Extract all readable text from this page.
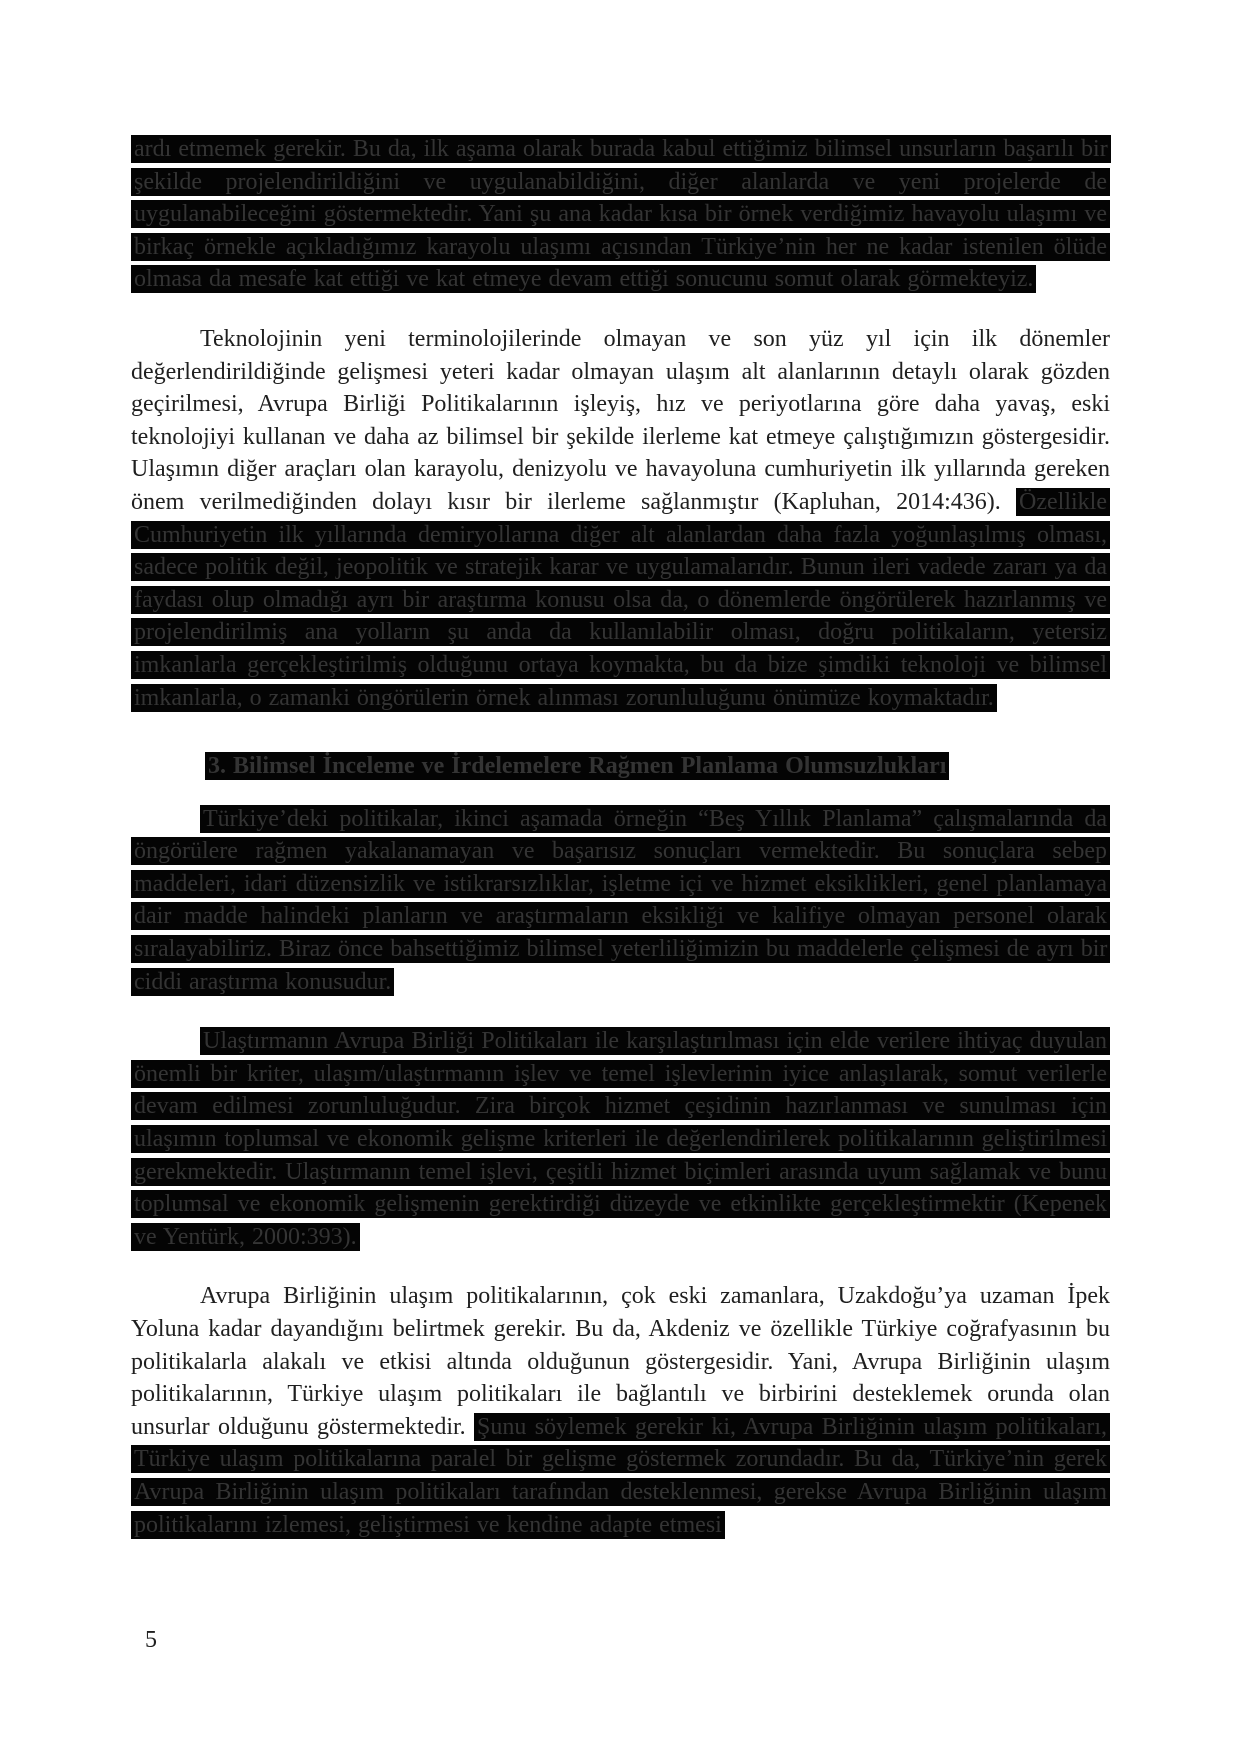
ardı etmemek gerekir. Bu da, ilk aşama olarak burada kabul ettiğimiz bilimsel unsurların başarılı bir şekilde projelendirildiğini ve uygulanabildiğini, diğer alanlarda ve yeni projelerde de uygulanabileceğini göstermektedir. Yani şu ana kadar kısa bir örnek verdiğimiz havayolu ulaşımı ve birkaç örnekle açıkladığımız karayolu ulaşımı açısından Türkiye’nin her ne kadar istenilen ölüde olmasa da mesafe kat ettiği ve kat etmeye devam ettiği sonucunu somut olarak görmekteyiz.

Teknolojinin yeni terminolojilerinde olmayan ve son yüz yıl için ilk dönemler değerlendirildiğinde gelişmesi yeteri kadar olmayan ulaşım alt alanlarının detaylı olarak gözden geçirilmesi, Avrupa Birliği Politikalarının işleyiş, hız ve periyotlarına göre daha yavaş, eski teknolojiyi kullanan ve daha az bilimsel bir şekilde ilerleme kat etmeye çalıştığımızın göstergesidir. Ulaşımın diğer araçları olan karayolu, denizyolu ve havayoluna cumhuriyetin ilk yıllarında gereken önem verilmediğinden dolayı kısır bir ilerleme sağlanmıştır (Kapluhan, 2014:436). Özellikle Cumhuriyetin ilk yıllarında demiryollarına diğer alt alanlardan daha fazla yoğunlaşılmış olması, sadece politik değil, jeopolitik ve stratejik karar ve uygulamalarıdır. Bunun ileri vadede zararı ya da faydası olup olmadığı ayrı bir araştırma konusu olsa da, o dönemlerde öngörülerek hazırlanmış ve projelendirilmiş ana yolların şu anda da kullanılabilir olması, doğru politikaların, yetersiz imkanlarla gerçekleştirilmiş olduğunu ortaya koymakta, bu da bize şimdiki teknoloji ve bilimsel imkanlarla, o zamanki öngörülerin örnek alınması zorunluluğunu önümüze koymaktadır.

3. Bilimsel İnceleme ve İrdelemelere Rağmen Planlama Olumsuzlukları

Türkiye’deki politikalar, ikinci aşamada örneğin “Beş Yıllık Planlama” çalışmalarında da öngörülere rağmen yakalanamayan ve başarısız sonuçları vermektedir. Bu sonuçlara sebep maddeleri, idari düzensizlik ve istikrarsızlıklar, işletme içi ve hizmet eksiklikleri, genel planlamaya dair madde halindeki planların ve araştırmaların eksikliği ve kalifiye olmayan personel olarak sıralayabiliriz. Biraz önce bahsettiğimiz bilimsel yeterliliğimizin bu maddelerle çelişmesi de ayrı bir ciddi araştırma konusudur.

Ulaştırmanın Avrupa Birliği Politikaları ile karşılaştırılması için elde verilere ihtiyaç duyulan önemli bir kriter, ulaşım/ulaştırmanın işlev ve temel işlevlerinin iyice anlaşılarak, somut verilerle devam edilmesi zorunluluğudur. Zira birçok hizmet çeşidinin hazırlanması ve sunulması için ulaşımın toplumsal ve ekonomik gelişme kriterleri ile değerlendirilerek politikalarının geliştirilmesi gerekmektedir. Ulaştırmanın temel işlevi, çeşitli hizmet biçimleri arasında uyum sağlamak ve bunu toplumsal ve ekonomik gelişmenin gerektirdiği düzeyde ve etkinlikte gerçekleştirmektir (Kepenek ve Yentürk, 2000:393).

Avrupa Birliğinin ulaşım politikalarının, çok eski zamanlara, Uzakdoğu’ya uzaman İpek Yoluna kadar dayandığını belirtmek gerekir. Bu da, Akdeniz ve özellikle Türkiye coğrafyasının bu politikalarla alakalı ve etkisi altında olduğunun göstergesidir. Yani, Avrupa Birliğinin ulaşım politikalarının, Türkiye ulaşım politikaları ile bağlantılı ve birbirini desteklemek orunda olan unsurlar olduğunu göstermektedir. Şunu söylemek gerekir ki, Avrupa Birliğinin ulaşım politikaları, Türkiye ulaşım politikalarına paralel bir gelişme göstermek zorundadır. Bu da, Türkiye’nin gerek Avrupa Birliğinin ulaşım politikaları tarafından desteklenmesi, gerekse Avrupa Birliğinin ulaşım politikalarını izlemesi, geliştirmesi ve kendine adapte etmesi

5
